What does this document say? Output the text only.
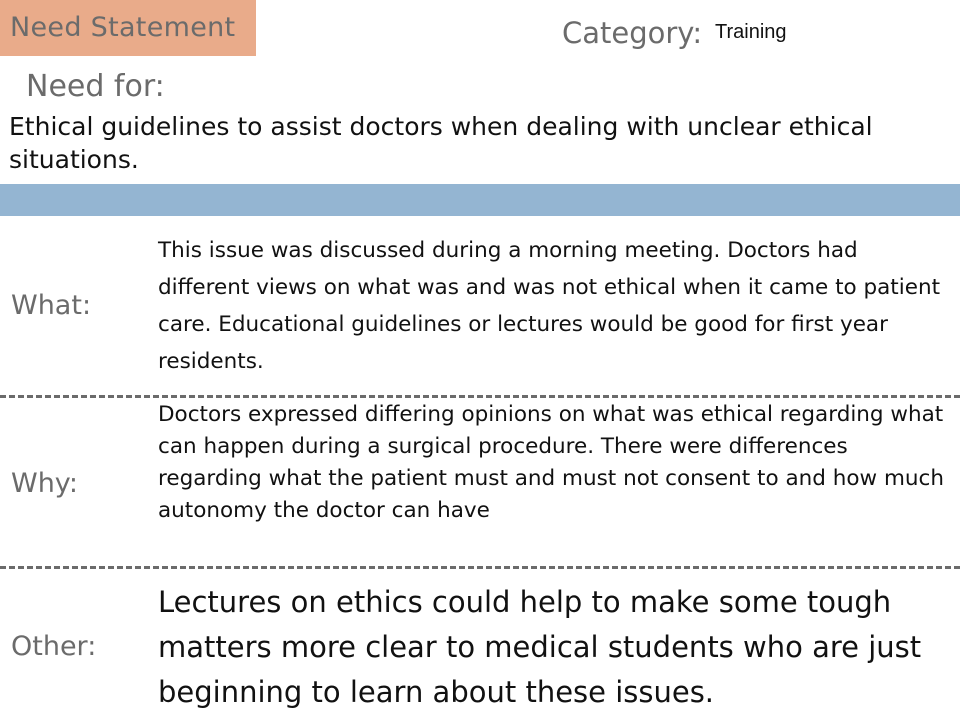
Need Statement	Category: Training
Need for:
Ethical guidelines to assist doctors when dealing with unclear ethical situations.
What:
This issue was discussed during a morning meeting. Doctors had different views on what was and was not ethical when it came to patient care. Educational guidelines or lectures would be good for first year residents.
Why:
Doctors expressed differing opinions on what was ethical regarding what can happen during a surgical procedure. There were differences regarding what the patient must and must not consent to and how much autonomy the doctor can have
Other:
Lectures on ethics could help to make some tough matters more clear to medical students who are just beginning to learn about these issues.
